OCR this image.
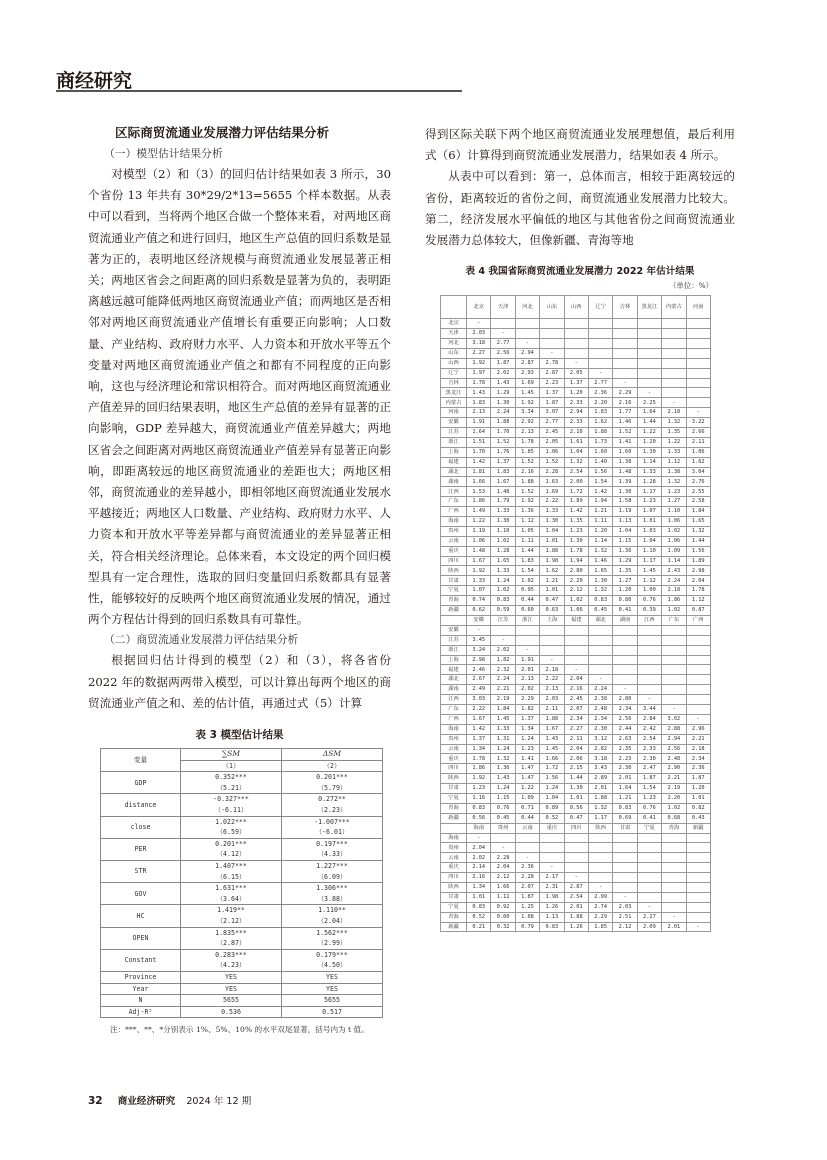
商经研究
区际商贸流通业发展潜力评估结果分析
（一）模型估计结果分析

对模型（2）和（3）的回归估计结果如表 3 所示，30 个省份 13 年共有 30*29/2*13=5655 个样本数据。从表中可以看到，当将两个地区合做一个整体来看，对两地区商贸流通业产值之和进行回归，地区生产总值的回归系数是显著为正的，表明地区经济规模与商贸流通业发展显著正相关；两地区省会之间距离的回归系数是显著为负的，表明距离越远越可能降低两地区商贸流通业产值；而两地区是否相邻对两地区商贸流通业产值增长有重要正向影响；人口数量、产业结构、政府财力水平、人力资本和开放水平等五个变量对两地区商贸流通业产值之和都有不同程度的正向影响，这也与经济理论和常识相符合。而对两地区商贸流通业产值差异的回归结果表明，地区生产总值的差异有显著的正向影响，GDP 差异越大，商贸流通业产值差异越大；两地区省会之间距离对两地区商贸流通业产值差异有显著正向影响，即距离较远的地区商贸流通业的差距也大；两地区相邻，商贸流通业的差异越小，即相邻地区商贸流通业发展水平越接近；两地区人口数量、产业结构、政府财力水平、人力资本和开放水平等差异都与商贸流通业的差异显著正相关，符合相关经济理论。总体来看，本文设定的两个回归模型具有一定合理性，选取的回归变量回归系数都具有显著性，能够较好的反映两个地区商贸流通业发展的情况，通过两个方程估计得到的回归系数具有可靠性。

（二）商贸流通业发展潜力评估结果分析

根据回归估计得到的模型（2）和（3），将各省份 2022 年的数据两两带入模型，可以计算出每两个地区的商贸流通业产值之和、差的估计值，再通过式（5）计算

表 3 模型估计结果
变量	∑SM	ΔSM
	（1）	（2）
GDP	0.352***	0.201***
	（5.21）	（5.79）
distance	-0.327***	0.272**
	（-6.11）	（2.23）
close	1.022***	-1.007***
	（6.59）	（-6.01）
PER	0.201***	0.197***
	（4.12）	（4.33）
STR	1.407***	1.227***
	（6.15）	（6.09）
GOV	1.631***	1.306***
	（3.64）	（3.88）
HC	1.419**	1.110**
	（2.12）	（2.04）
OPEN	1.835***	1.562***
	（2.87）	（2.99）
Constant	0.283***	0.179***
	（4.23）	（4.50）
Province	YES	YES
Year	YES	YES
N	5655	5655
Adj-R²	0.536	0.517
注：***、**、*分别表示 1%、5%、10% 的水平双尾显著，括号内为 t 值。

得到区际关联下两个地区商贸流通业发展理想值，最后利用式（6）计算得到商贸流通业发展潜力，结果如表 4 所示。

从表中可以看到：第一，总体而言，相较于距离较远的省份，距离较近的省份之间，商贸流通业发展潜力比较大。第二，经济发展水平偏低的地区与其他省份之间商贸流通业发展潜力总体较大，但像新疆、青海等地

表 4 我国省际商贸流通业发展潜力 2022 年估计结果
（单位：%）
	北京	天津	河北	山东	山西	辽宁	吉林	黑龙江	内蒙古	河南
北京	-									
天津	2.03	-								
河北	3.18	2.77	-							
山东	2.27	2.56	2.94	-						
山西	1.92	1.87	2.87	2.78	-					
辽宁	1.97	2.02	2.93	2.87	2.05	-				
吉林	1.78	1.43	1.69	2.23	1.37	2.77	-			
黑龙江	1.43	1.29	1.45	1.37	1.20	2.36	2.29	-		
内蒙古	1.83	1.30	1.92	1.87	2.33	2.20	2.16	2.25	-	
河南	2.13	2.24	3.34	3.07	2.94	1.83	1.77	1.64	2.18	-
安徽	1.91	1.88	2.92	2.77	2.33	1.62	1.46	1.44	1.32	3.22
江苏	1.64	1.70	2.13	2.45	2.10	1.88	1.52	1.22	1.35	2.66
浙江	1.51	1.52	1.78	2.05	1.61	1.73	1.41	1.20	1.22	2.11
上海	1.70	1.76	1.85	1.06	1.04	1.60	1.60	1.30	1.33	1.06
福建	1.42	1.37	1.52	1.52	1.32	1.40	1.38	1.14	1.12	1.62
湖北	1.81	1.83	2.16	2.28	2.54	1.56	1.48	1.33	1.38	3.04
湖南	1.66	1.67	1.88	1.63	2.00	1.54	1.39	1.28	1.32	2.76
江西	1.53	1.48	1.52	1.69	1.72	1.42	1.30	1.17	1.23	2.55
广东	1.86	1.79	1.92	2.22	1.89	1.94	1.58	1.23	1.27	2.58
广西	1.49	1.33	1.36	1.33	1.42	1.21	1.19	1.07	1.10	1.84
海南	1.22	1.30	1.12	1.30	1.35	1.11	1.13	1.01	1.06	1.65
贵州	1.19	1.10	1.05	1.04	1.23	1.20	1.04	1.03	1.02	1.32
云南	1.06	1.02	1.11	1.01	1.30	1.14	1.15	1.04	1.06	1.44
重庆	1.48	1.28	1.44	1.88	1.78	1.32	1.36	1.10	1.09	1.56
四川	1.67	1.65	1.83	1.98	1.94	1.46	1.29	1.17	1.14	1.89
陕西	1.92	1.33	1.54	1.62	2.80	1.65	1.35	1.45	2.43	2.98
甘肃	1.33	1.24	1.02	1.21	2.20	1.30	1.27	1.12	2.24	2.04
宁夏	1.07	1.02	0.95	1.01	2.12	1.32	1.20	1.00	2.18	1.78
青海	0.74	0.83	0.44	0.47	1.02	0.83	0.80	0.76	1.86	1.12
新疆	0.62	0.59	0.60	0.63	1.06	0.45	0.41	0.39	1.02	0.87
	安徽	江苏	浙江	上海	福建	湖北	湖南	江西	广东	广西
安徽	-									
江苏	3.45	-								
浙江	3.24	2.02	-							
上海	2.98	1.82	1.91	-						
福建	2.46	2.32	2.01	2.18	-					
湖北	2.67	2.24	2.13	2.22	2.04	-				
湖南	2.49	2.21	2.02	2.13	2.16	2.24	-			
江西	3.03	2.19	2.29	2.03	2.45	2.38	2.80	-		
广东	2.22	1.84	1.82	2.11	2.07	2.48	2.34	3.44	-	
广西	1.67	1.45	1.37	1.88	2.34	2.34	2.56	2.84	3.02	-
海南	1.42	1.33	1.34	1.67	2.27	2.30	2.44	2.42	2.88	2.96
贵州	1.37	1.31	1.24	1.43	2.11	3.12	2.63	2.54	2.94	2.21
云南	1.34	1.24	1.23	1.45	2.04	2.82	2.35	2.33	2.56	2.18
重庆	1.78	1.32	1.41	1.66	2.06	3.18	2.23	2.30	2.48	2.34
四川	1.86	1.36	1.47	1.72	2.15	3.43	2.30	2.47	2.90	2.36
陕西	1.92	1.43	1.47	1.56	1.44	2.89	2.01	1.87	2.21	1.87
甘肃	1.23	1.24	1.22	1.24	1.30	2.01	1.64	1.54	2.19	1.20
宁夏	1.16	1.15	1.09	1.04	1.01	1.88	1.21	1.23	2.20	1.01
青海	0.83	0.76	0.71	0.89	0.56	1.32	0.83	0.76	1.02	0.82
新疆	0.56	0.45	0.44	0.52	0.47	1.17	0.69	0.41	0.68	0.43
	海南	贵州	云南	重庆	四川	陕西	甘肃	宁夏	青海	新疆
海南	-									
贵州	2.04	-								
云南	2.02	2.28	-							
重庆	2.14	2.04	2.36	-						
四川	2.16	2.12	2.28	2.17	-					
陕西	1.34	1.66	2.07	2.31	2.87	-				
甘肃	1.01	1.11	1.87	1.98	2.54	2.99	-			
宁夏	0.83	0.92	1.25	1.26	2.01	2.74	2.03	-		
青海	0.52	0.60	1.08	1.13	1.88	2.29	2.51	2.27	-	
新疆	0.21	0.32	0.79	0.83	1.26	1.85	2.12	2.09	2.01	-
32 商业经济研究 2024 年 12 期
